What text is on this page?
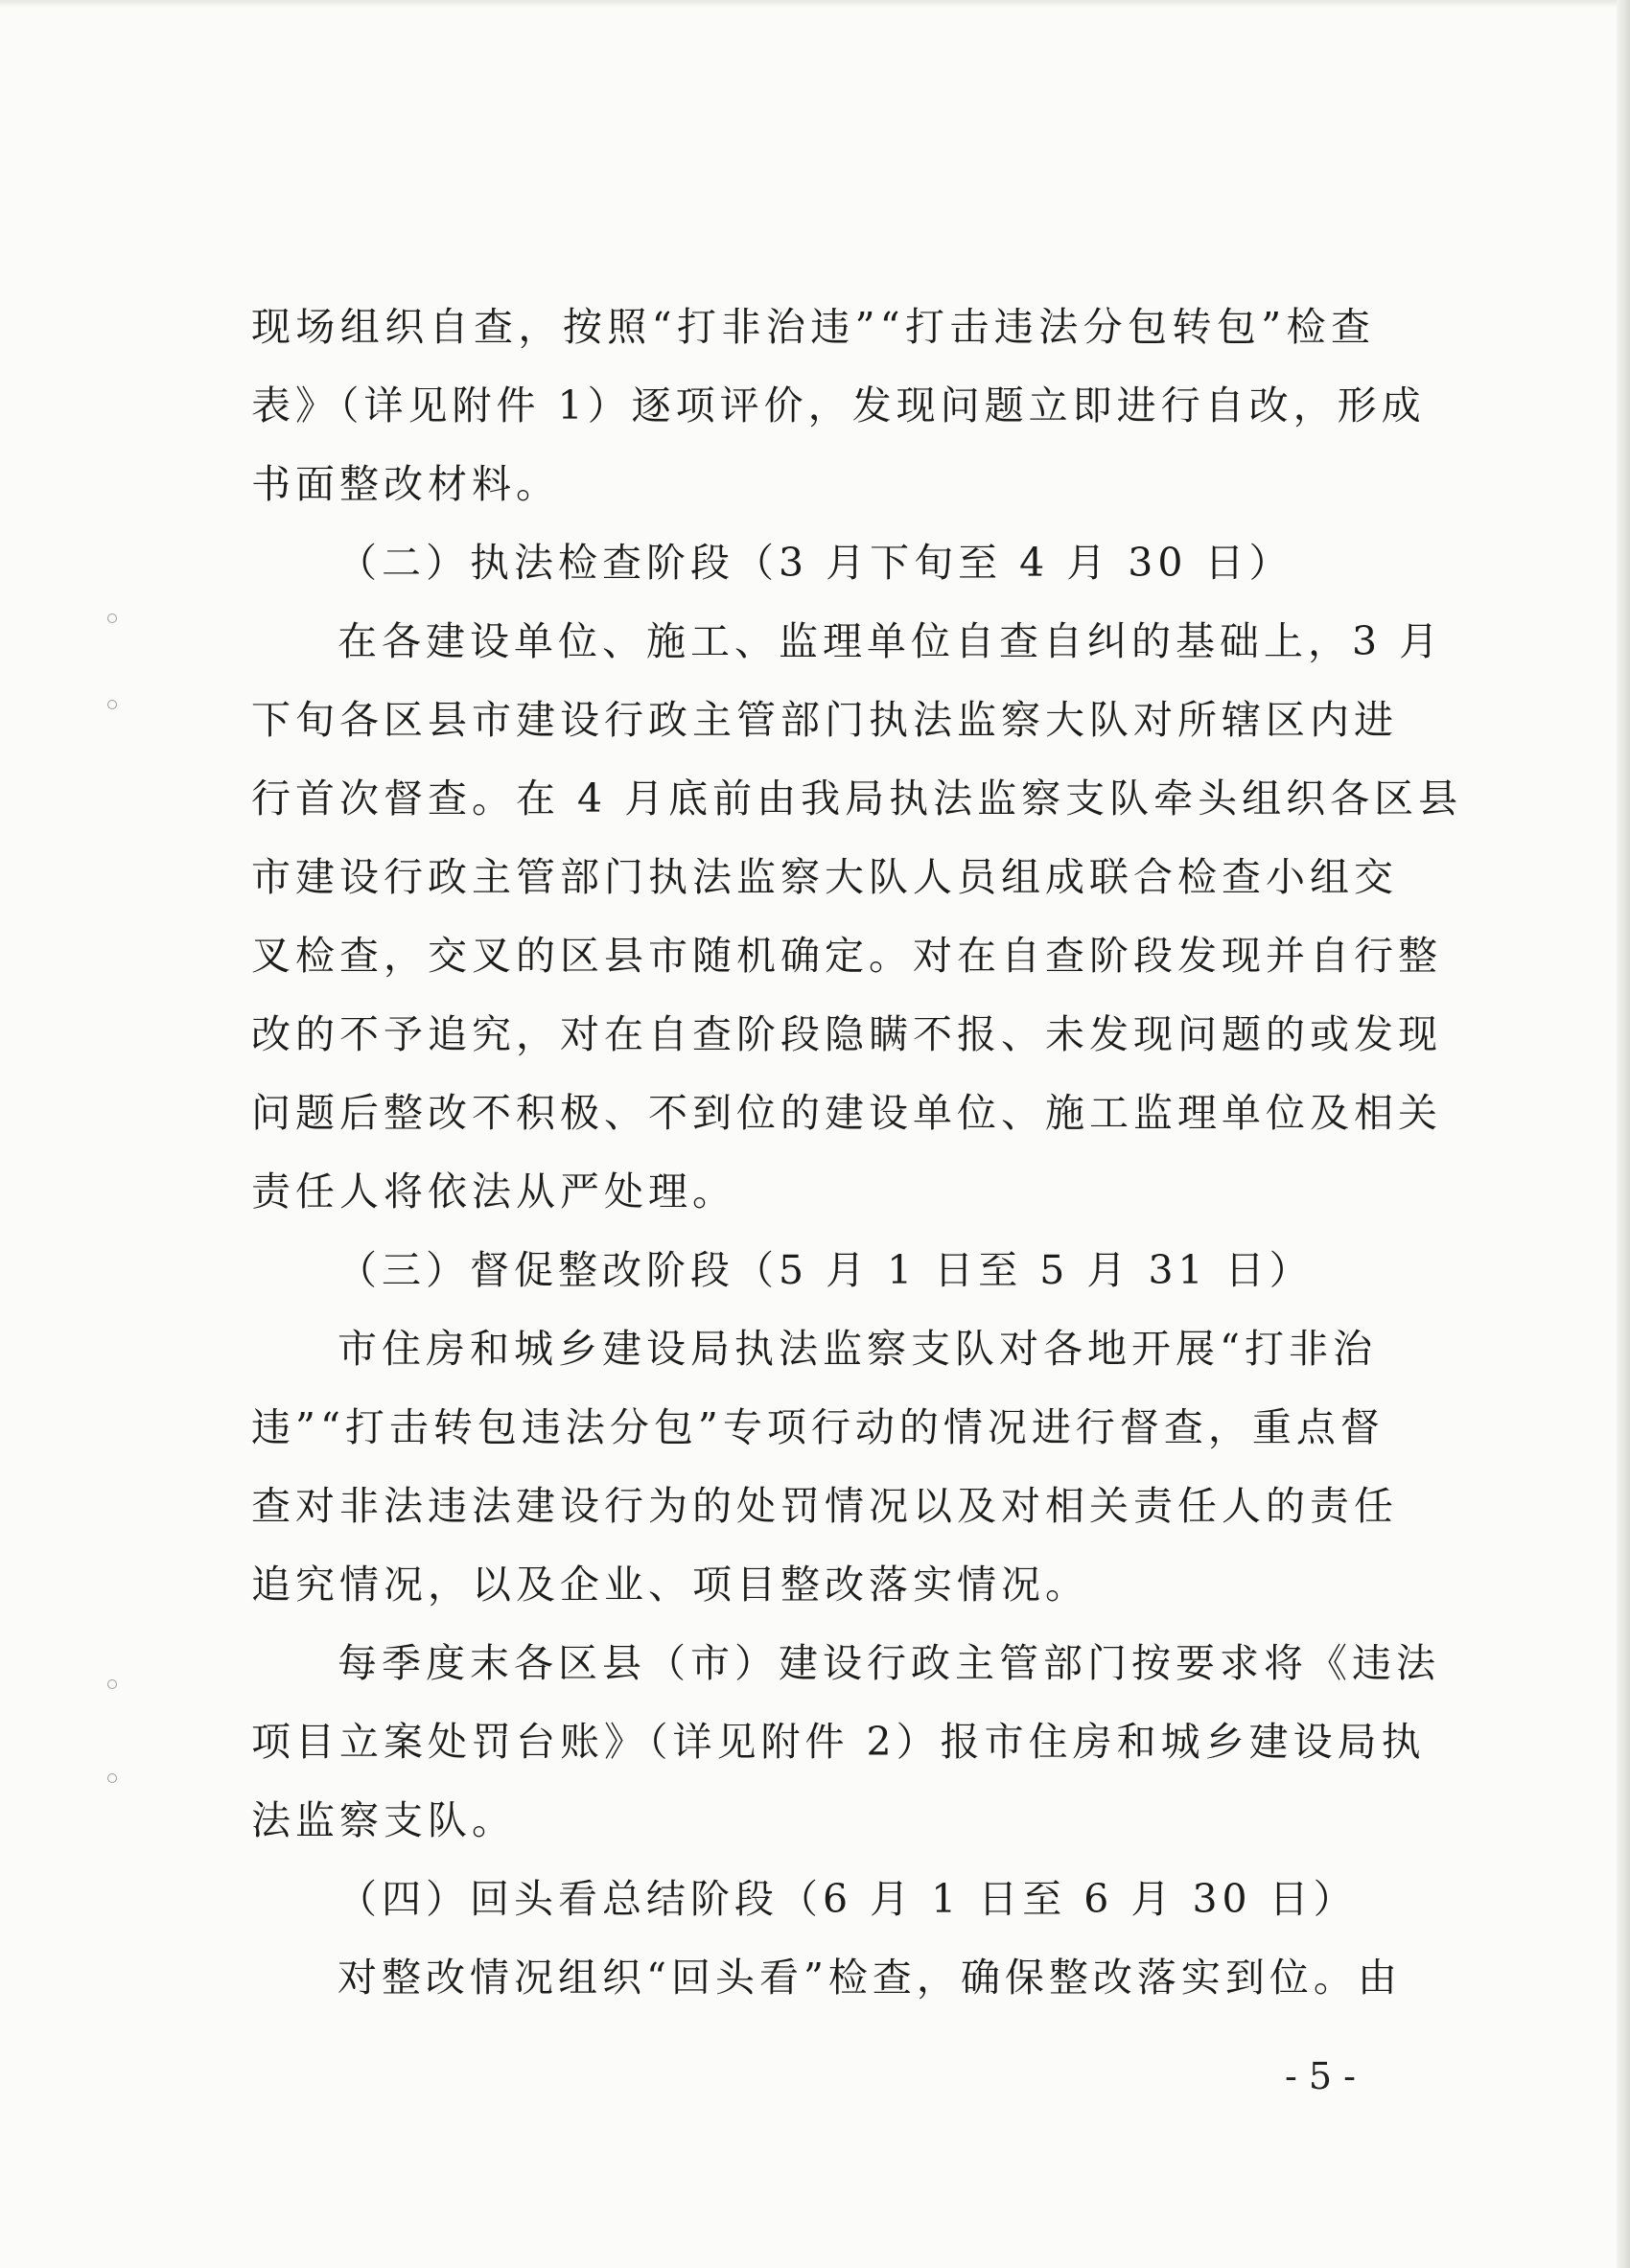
现场组织自查，按照“打非治违”“打击违法分包转包”检查
表》（详见附件 1）逐项评价，发现问题立即进行自改，形成
书面整改材料。
（二）执法检查阶段（3 月下旬至 4 月 30 日）
在各建设单位、施工、监理单位自查自纠的基础上，3 月
下旬各区县市建设行政主管部门执法监察大队对所辖区内进
行首次督查。在 4 月底前由我局执法监察支队牵头组织各区县
市建设行政主管部门执法监察大队人员组成联合检查小组交
叉检查，交叉的区县市随机确定。对在自查阶段发现并自行整
改的不予追究，对在自查阶段隐瞒不报、未发现问题的或发现
问题后整改不积极、不到位的建设单位、施工监理单位及相关
责任人将依法从严处理。
（三）督促整改阶段（5 月 1 日至 5 月 31 日）
市住房和城乡建设局执法监察支队对各地开展“打非治
违”“打击转包违法分包”专项行动的情况进行督查，重点督
查对非法违法建设行为的处罚情况以及对相关责任人的责任
追究情况，以及企业、项目整改落实情况。
每季度末各区县（市）建设行政主管部门按要求将《违法
项目立案处罚台账》（详见附件 2）报市住房和城乡建设局执
法监察支队。
（四）回头看总结阶段（6 月 1 日至 6 月 30 日）
对整改情况组织“回头看”检查，确保整改落实到位。由
- 5 -
